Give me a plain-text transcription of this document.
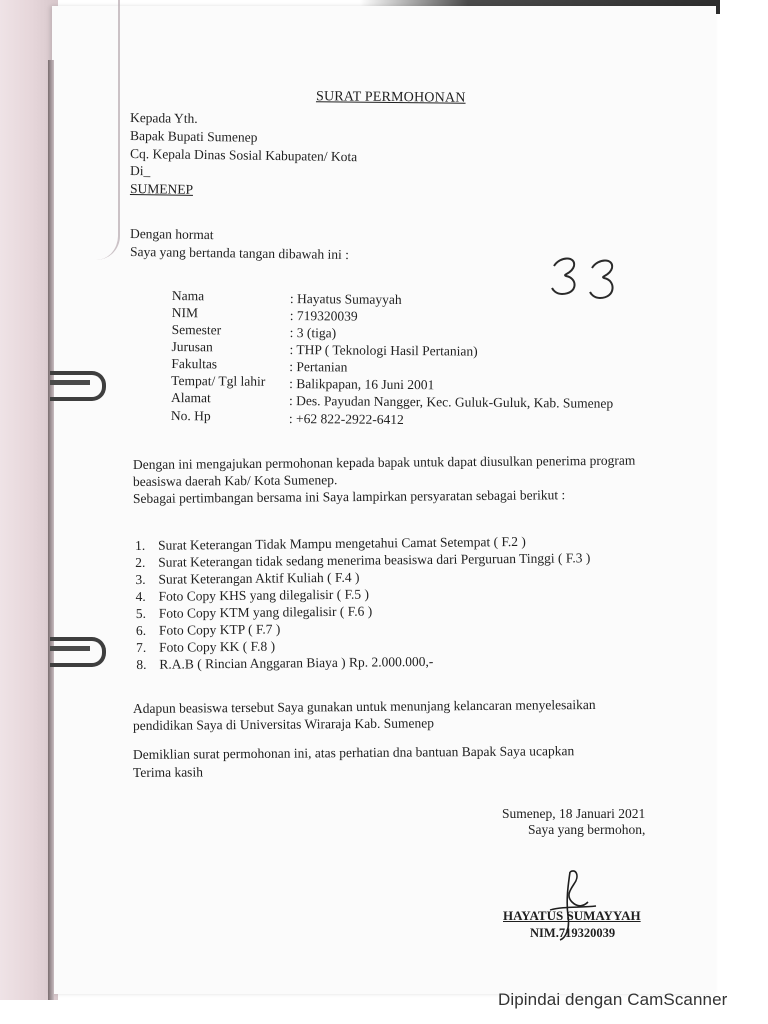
SURAT PERMOHONAN
Kepada Yth.
Bapak Bupati Sumenep
Cq. Kepala Dinas Sosial Kabupaten/ Kota
Di_
SUMENEP
Dengan hormat
Saya yang bertanda tangan dibawah ini :
Nama	: Hayatus Sumayyah
NIM	: 719320039
Semester	: 3 (tiga)
Jurusan	: THP ( Teknologi Hasil Pertanian)
Fakultas	: Pertanian
Tempat/ Tgl lahir : Balikpapan, 16 Juni 2001
Alamat	: Des. Payudan Nangger, Kec. Guluk-Guluk, Kab. Sumenep
No. Hp	: +62 822-2922-6412
Dengan ini mengajukan permohonan kepada bapak untuk dapat diusulkan penerima program
beasiswa daerah Kab/ Kota Sumenep.
Sebagai pertimbangan bersama ini Saya lampirkan persyaratan sebagai berikut :
1. Surat Keterangan Tidak Mampu mengetahui Camat Setempat ( F.2 )
2. Surat Keterangan tidak sedang menerima beasiswa dari Perguruan Tinggi ( F.3 )
3. Surat Keterangan Aktif Kuliah ( F.4 )
4. Foto Copy KHS yang dilegalisir ( F.5 )
5. Foto Copy KTM yang dilegalisir ( F.6 )
6. Foto Copy KTP ( F.7 )
7. Foto Copy KK ( F.8 )
8. R.A.B ( Rincian Anggaran Biaya ) Rp. 2.000.000,-
Adapun beasiswa tersebut Saya gunakan untuk menunjang kelancaran menyelesaikan
pendidikan Saya di Universitas Wiraraja Kab. Sumenep
Demiklian surat permohonan ini, atas perhatian dna bantuan Bapak Saya ucapkan
Terima kasih
Sumenep, 18 Januari 2021
Saya yang bermohon,
HAYATUS SUMAYYAH
NIM.719320039
Dipindai dengan CamScanner
